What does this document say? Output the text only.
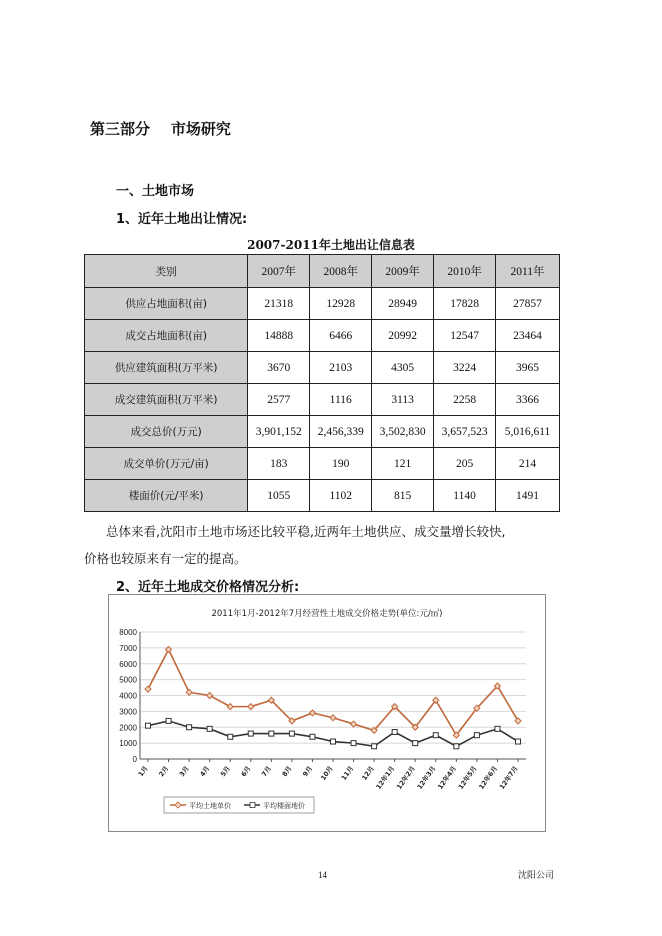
第三部分    市场研究
一、土地市场
1、近年土地出让情况:
2007-2011年土地出让信息表
类别	2007年	2008年	2009年	2010年	2011年
供应占地面积(亩)	21318	12928	28949	17828	27857
成交占地面积(亩)	14888	6466	20992	12547	23464
供应建筑面积(万平米)	3670	2103	4305	3224	3965
成交建筑面积(万平米)	2577	1116	3113	2258	3366
成交总价(万元)	3,901,152	2,456,339	3,502,830	3,657,523	5,016,611
成交单价(万元/亩)	183	190	121	205	214
楼面价(元/平米)	1055	1102	815	1140	1491
总体来看,沈阳市土地市场还比较平稳,近两年土地供应、成交量增长较快,
价格也较原来有一定的提高。
2、近年土地成交价格情况分析:
2011年1月-2012年7月经营性土地成交价格走势(单位:元/㎡)
0
1000
2000
3000
4000
5000
6000
7000
8000
1月 2月 3月 4月 5月 6月 7月 8月 9月 10月 11月 12月
12年1月
12年2月
12年3月
12年4月
12年5月
12年6月
12年7月
平均土地单价	平均楼面地价
14	沈阳公司
